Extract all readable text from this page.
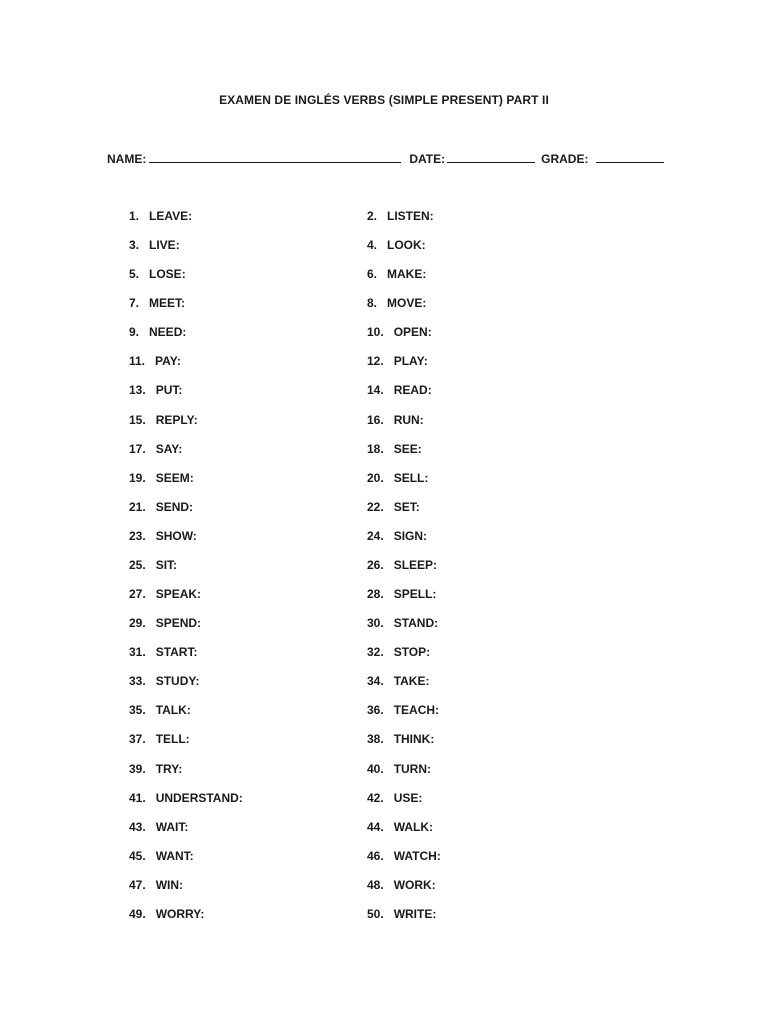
EXAMEN DE INGLÉS VERBS (SIMPLE PRESENT) PART II
NAME:	DATE:	GRADE:
1. LEAVE:	2. LISTEN:
3. LIVE:	4. LOOK:
5. LOSE:	6. MAKE:
7. MEET:	8. MOVE:
9. NEED:	10. OPEN:
11. PAY:	12. PLAY:
13. PUT:	14. READ:
15. REPLY:	16. RUN:
17. SAY:	18. SEE:
19. SEEM:	20. SELL:
21. SEND:	22. SET:
23. SHOW:	24. SIGN:
25. SIT:	26. SLEEP:
27. SPEAK:	28. SPELL:
29. SPEND:	30. STAND:
31. START:	32. STOP:
33. STUDY:	34. TAKE:
35. TALK:	36. TEACH:
37. TELL:	38. THINK:
39. TRY:	40. TURN:
41. UNDERSTAND:	42. USE:
43. WAIT:	44. WALK:
45. WANT:	46. WATCH:
47. WIN:	48. WORK:
49. WORRY:	50. WRITE:
